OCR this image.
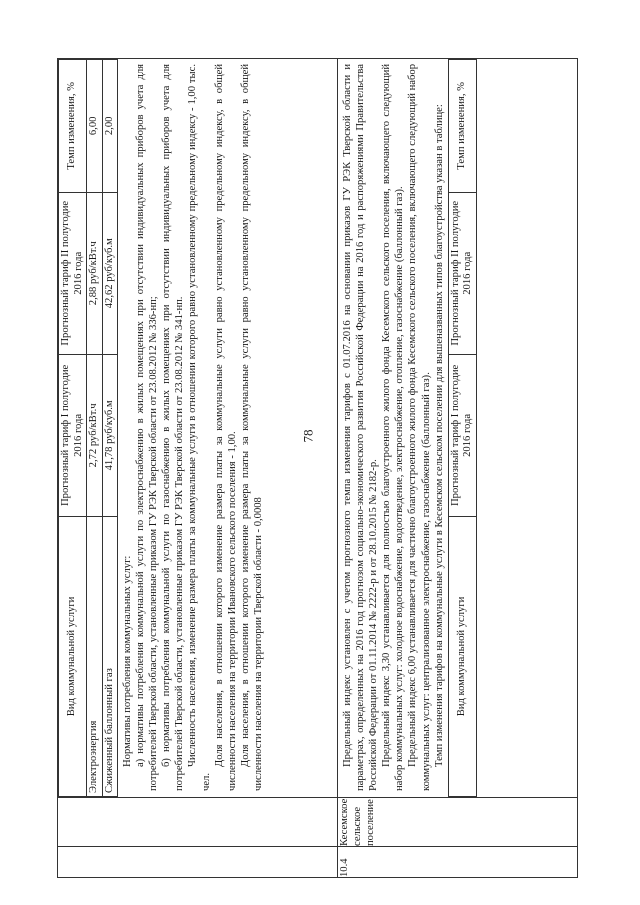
78

Вид коммунальной услуги	Прогнозный тариф I полугодие 2016 года	Прогнозный тариф II полугодие 2016 года	Темп изменения, %
Электроэнергия	2,72 руб/кВт.ч	2,88 руб/кВт.ч	6,00
Сжиженный баллонный газ	41,78 руб/куб.м	42,62 руб/куб.м	2,00

Нормативы потребления коммунальных услуг: а) нормативы потребления коммунальной услуги по электроснабжению в жилых помещениях при отсутствии индивидуальных приборов учета для потребителей Тверской области, установленные приказом ГУ РЭК Тверской области от 23.08.2012 № 336-нп; б) нормативы потребления коммунальной услуги по газоснабжению в жилых помещениях при отсутствии индивидуальных приборов учета для потребителей Тверской области, установленные приказом ГУ РЭК Тверской области от 23.08.2012 № 341-нп. Численность населения, изменение размера платы за коммунальные услуги в отношении которого равно установленному предельному индексу - 1,00 тыс. чел.

Доля населения, в отношении которого изменение размера платы за коммунальные услуги равно установленному предельному индексу, в общей численности населения на территории Ивановского сельского поселения - 1,00. Доля населения, в отношении которого изменение размера платы за коммунальные услуги равно установленному предельному индексу, в общей численности населения на территории Тверской области - 0,0008

10.4	Кесемское сельское поселение	

Предельный индекс установлен с учетом прогнозного темпа изменения тарифов с 01.07.2016 на основании приказов ГУ РЭК Тверской области и параметрах, определенных на 2016 год прогнозом социально-экономического развития Российской Федерации на 2016 год и распоряжениями Правительства Российской Федерации от 01.11.2014 № 2222-р и от 28.10.2015 № 2182-р. Предельный индекс 3,30 устанавливается для полностью благоустроенного жилого фонда Кесемского сельского поселения, включающего следующий набор коммунальных услуг: холодное водоснабжение, водоотведение, электроснабжение, отопление, газоснабжение (баллонный газ). Предельный индекс 6,00 устанавливается для частично благоустроенного жилого фонда Кесемского сельского поселения, включающего следующий набор коммунальных услуг: централизованное электроснабжение, газоснабжение (баллонный газ). Темп изменения тарифов на коммунальные услуги в Кесемском сельском поселении для вышеназванных типов благоустройства указан в таблице: Вид коммунальной услуги	Прогнозный тариф I полугодие 2016 года	Прогнозный тариф II полугодие 2016 года	Темп изменения, %
